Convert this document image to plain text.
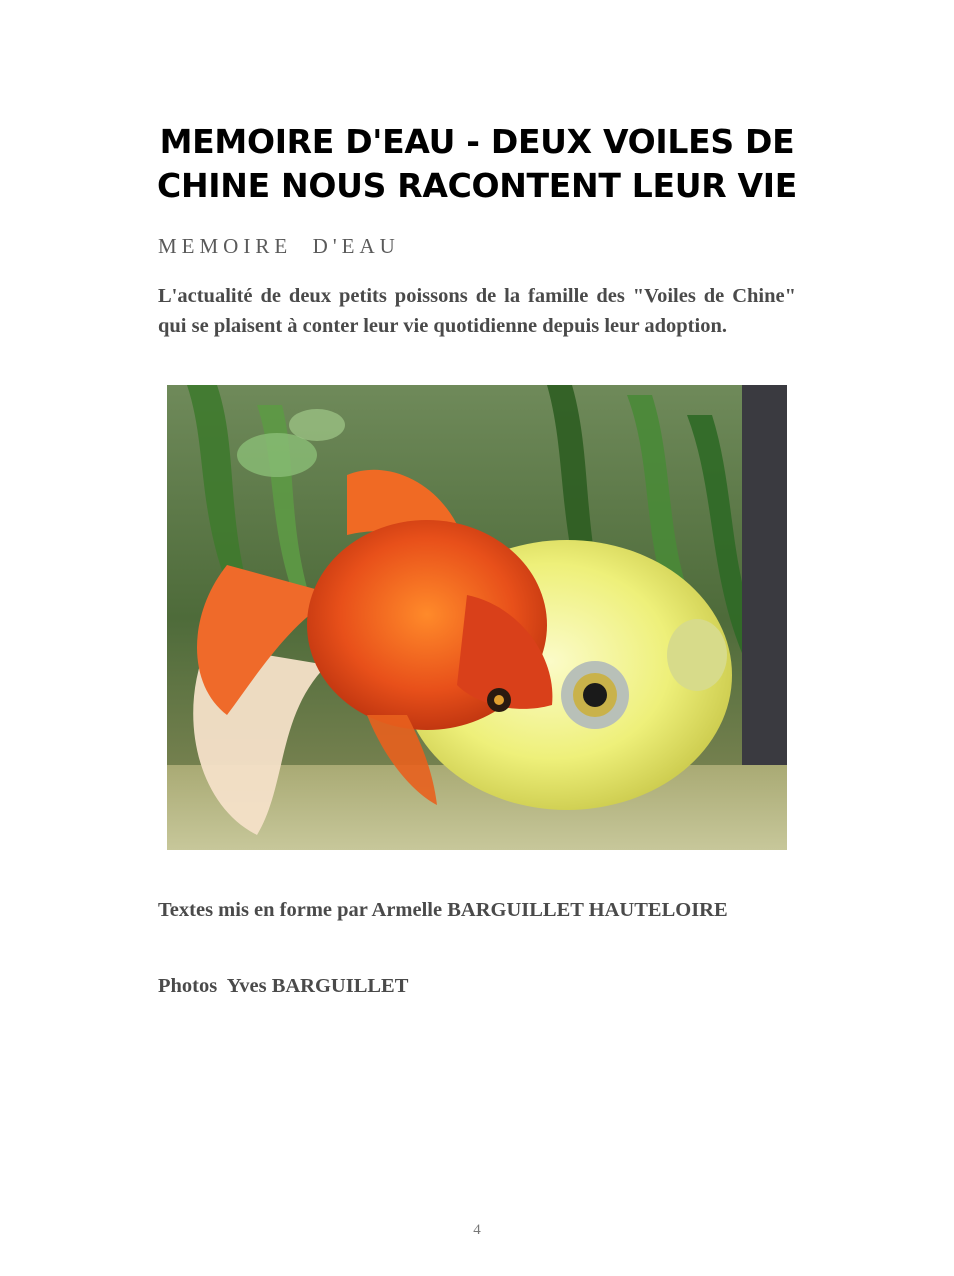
MEMOIRE D'EAU - DEUX VOILES DE CHINE NOUS RACONTENT LEUR VIE
MEMOIRE  D'EAU

L'actualité de deux petits poissons de la famille des "Voiles de Chine" qui se plaisent à conter leur vie quotidienne depuis leur adoption.

Textes mis en forme par Armelle BARGUILLET HAUTELOIRE

Photos  Yves BARGUILLET

4
